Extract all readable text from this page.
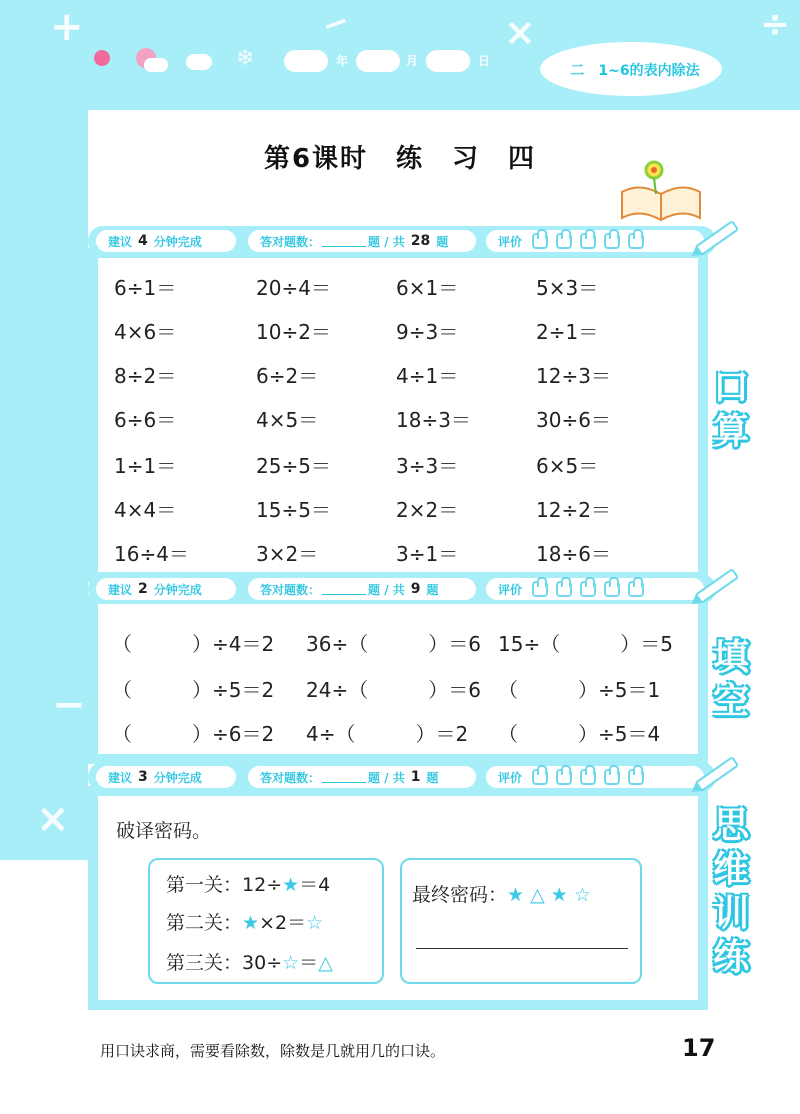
+	×	÷
−
❄	年	月	日
二　1~6的表内除法
第6课时　练　习　四
−
×
建议 4 分钟完成	答对题数：	题 / 共 28 题	评价
6÷1＝	20÷4＝	6×1＝	5×3＝
4×6＝	10÷2＝	9÷3＝	2÷1＝
8÷2＝	6÷2＝	4÷1＝	12÷3＝
6÷6＝	4×5＝	18÷3＝	30÷6＝
1÷1＝	25÷5＝	3÷3＝	6×5＝
4×4＝	15÷5＝	2×2＝	12÷2＝
16÷4＝	3×2＝	3÷1＝	18÷6＝
口
算
建议 2 分钟完成	答对题数：	题 / 共 9 题	评价
（　　　）÷4＝2 36÷（　　　）＝6 15÷（　　　）＝5
（　　　）÷5＝2 24÷（　　　）＝6 （　　　）÷5＝1
（　　　）÷6＝2 4÷（　　　）＝2 （　　　）÷5＝4
填
空
建议 3 分钟完成	答对题数：	题 / 共 1 题	评价
破译密码。
第一关：12÷★＝4
第二关：★×2＝☆
第三关：30÷☆＝△
最终密码：★ △ ★ ☆
思
维
训
练
用口诀求商，需要看除数，除数是几就用几的口诀。	17
